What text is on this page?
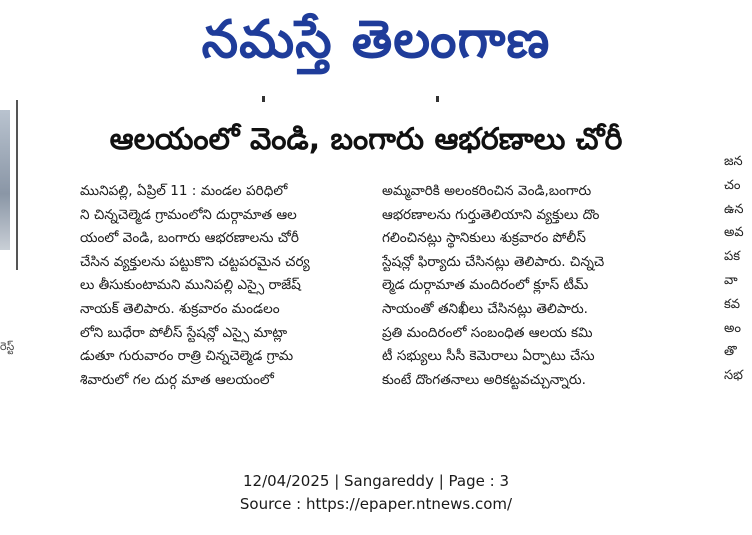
నమస్తే తెలంగాణ
రెస్ట్
ఆలయంలో వెండి, బంగారు ఆభరణాలు చోరీ
మునిపల్లి, ఏప్రిల్ 11 : మండల పరిధిలో
ని చిన్నచెల్మెడ గ్రామంలోని దుర్గామాత ఆల
యంలో వెండి, బంగారు ఆభరణాలను చోరీ
చేసిన వ్యక్తులను పట్టుకొని చట్టపరమైన చర్య
లు తీసుకుంటామని మునిపల్లి ఎస్సై రాజేష్
నాయక్ తెలిపారు. శుక్రవారం మండలం
లోని బుధేరా పోలీస్ స్టేషన్లో ఎస్సై మాట్లా
డుతూ గురువారం రాత్రి చిన్నచెల్మెడ గ్రామ
శివారులో గల దుర్గ మాత ఆలయంలో
అమ్మవారికి అలంకరించిన వెండి,బంగారు
ఆభరణాలను గుర్తుతెలియాని వ్యక్తులు దొం
గలించినట్లు స్థానికులు శుక్రవారం పోలీస్
స్టేషన్లో ఫిర్యాదు చేసినట్లు తెలిపారు. చిన్నచె
ల్మెడ దుర్గామాత మందిరంలో క్లూస్ టీమ్
సాయంతో తనిఖీలు చేసినట్లు తెలిపారు.
ప్రతి మందిరంలో సంబంధిత ఆలయ కమి
టీ సభ్యులు సీసీ కెమెరాలు ఏర్పాటు చేసు
కుంటే దొంగతనాలు అరికట్టవచ్చున్నారు.
జన
చం
ఉన
అవ
పక
వా
కవ
అం
తొ
సభ
12/04/2025 | Sangareddy | Page : 3
Source : https://epaper.ntnews.com/
